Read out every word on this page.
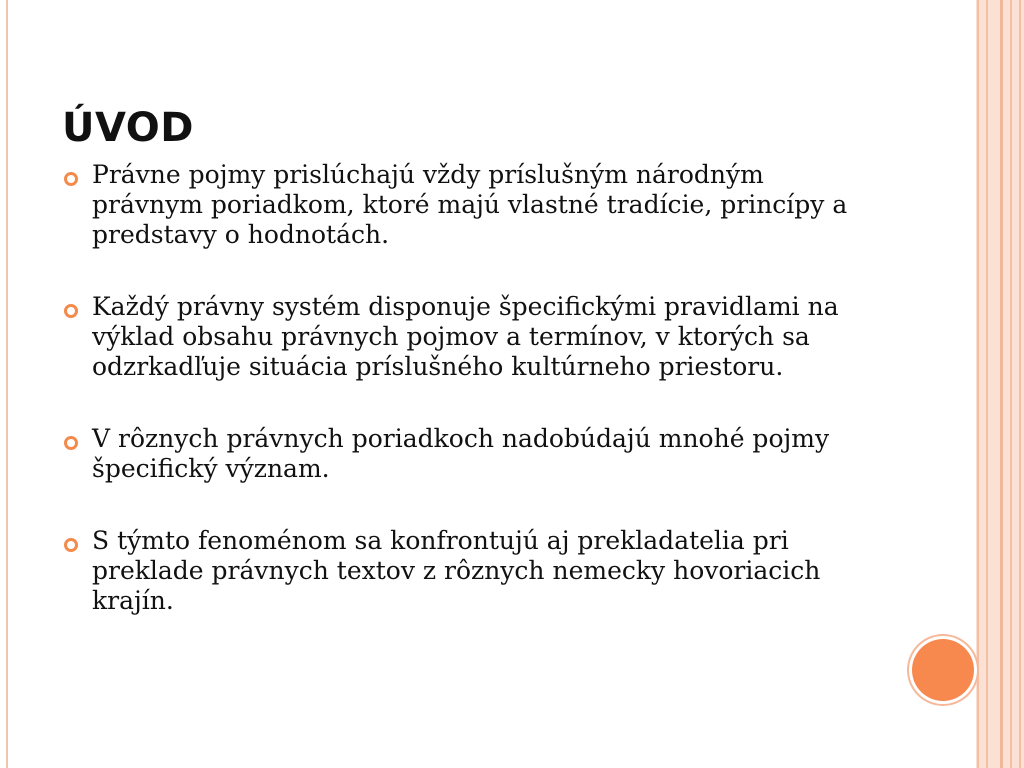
ÚVOD
Právne pojmy prislúchajú vždy príslušným národným právnym poriadkom, ktoré majú vlastné tradície, princípy a predstavy o hodnotách.
Každý právny systém disponuje špecifickými pravidlami na výklad obsahu právnych pojmov a termínov, v ktorých sa odzrkadľuje situácia príslušného kultúrneho priestoru.
V rôznych právnych poriadkoch nadobúdajú mnohé pojmy špecifický význam.
S týmto fenoménom sa konfrontujú aj prekladatelia pri preklade právnych textov z rôznych nemecky hovoriacich krajín.
